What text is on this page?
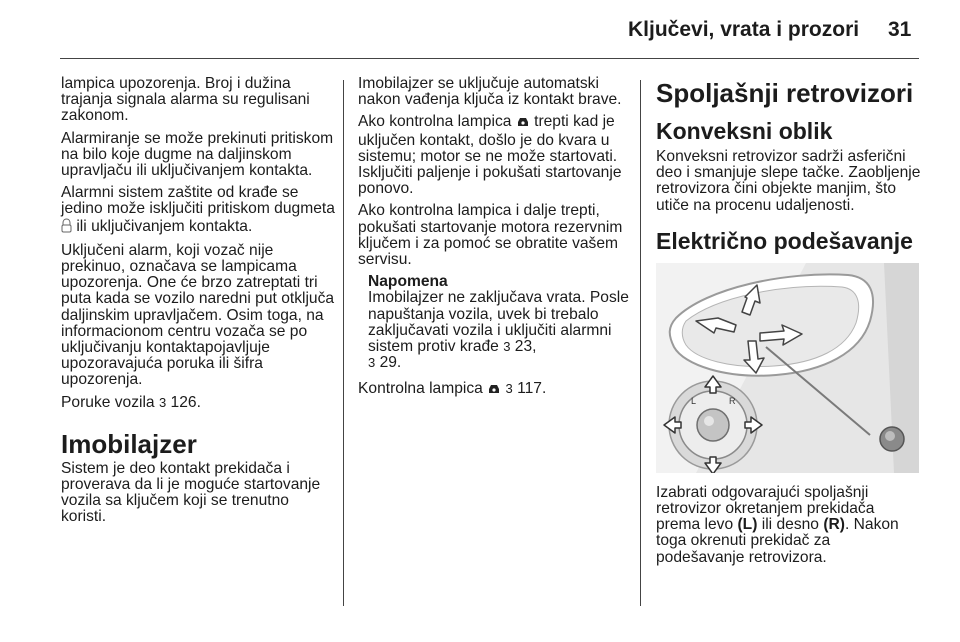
Ključevi, vrata i prozori 31

lampica upozorenja. Broj i dužina trajanja signala alarma su regulisani zakonom.

Alarmiranje se može prekinuti pritiskom na bilo koje dugme na daljinskom upravljaču ili uključivanjem kontakta.

Alarmni sistem zaštite od krađe se jedino može isključiti pritiskom dugmeta  ili uključivanjem kontakta.

Uključeni alarm, koji vozač nije prekinuo, označava se lampicama upozorenja. One će brzo zatreptati tri puta kada se vozilo naredni put otključa daljinskim upravljačem. Osim toga, na informacionom centru vozača se po uključivanju kontaktapojavljuje upozoravajuća poruka ili šifra upozorenja.

Poruke vozila 3 126.

Imobilajzer

Sistem je deo kontakt prekidača i proverava da li je moguće startovanje vozila sa ključem koji se trenutno koristi.

Imobilajzer se uključuje automatski nakon vađenja ključa iz kontakt brave.

Ako kontrolna lampica trepti kad je uključen kontakt, došlo je do kvara u sistemu; motor se ne može startovati. Isključiti paljenje i pokušati startovanje ponovo.

Ako kontrolna lampica i dalje trepti, pokušati startovanje motora rezervnim ključem i za pomoć se obratite vašem servisu.

Napomena
Imobilajzer ne zaključava vrata. Posle napuštanja vozila, uvek bi trebalo zaključavati vozila i uključiti alarmni sistem protiv krađe 3 23,
3 29.

Kontrolna lampica 3 117.

Spoljašnji retrovizori
Konveksni oblik

Konveksni retrovizor sadrži asferični deo i smanjuje slepe tačke. Zaobljenje retrovizora čini objekte manjim, što utiče na procenu udaljenosti.

Električno podešavanje
L	R

Izabrati odgovarajući spoljašnji retrovizor okretanjem prekidača prema levo (L) ili desno (R). Nakon toga okrenuti prekidač za podešavanje retrovizora.
